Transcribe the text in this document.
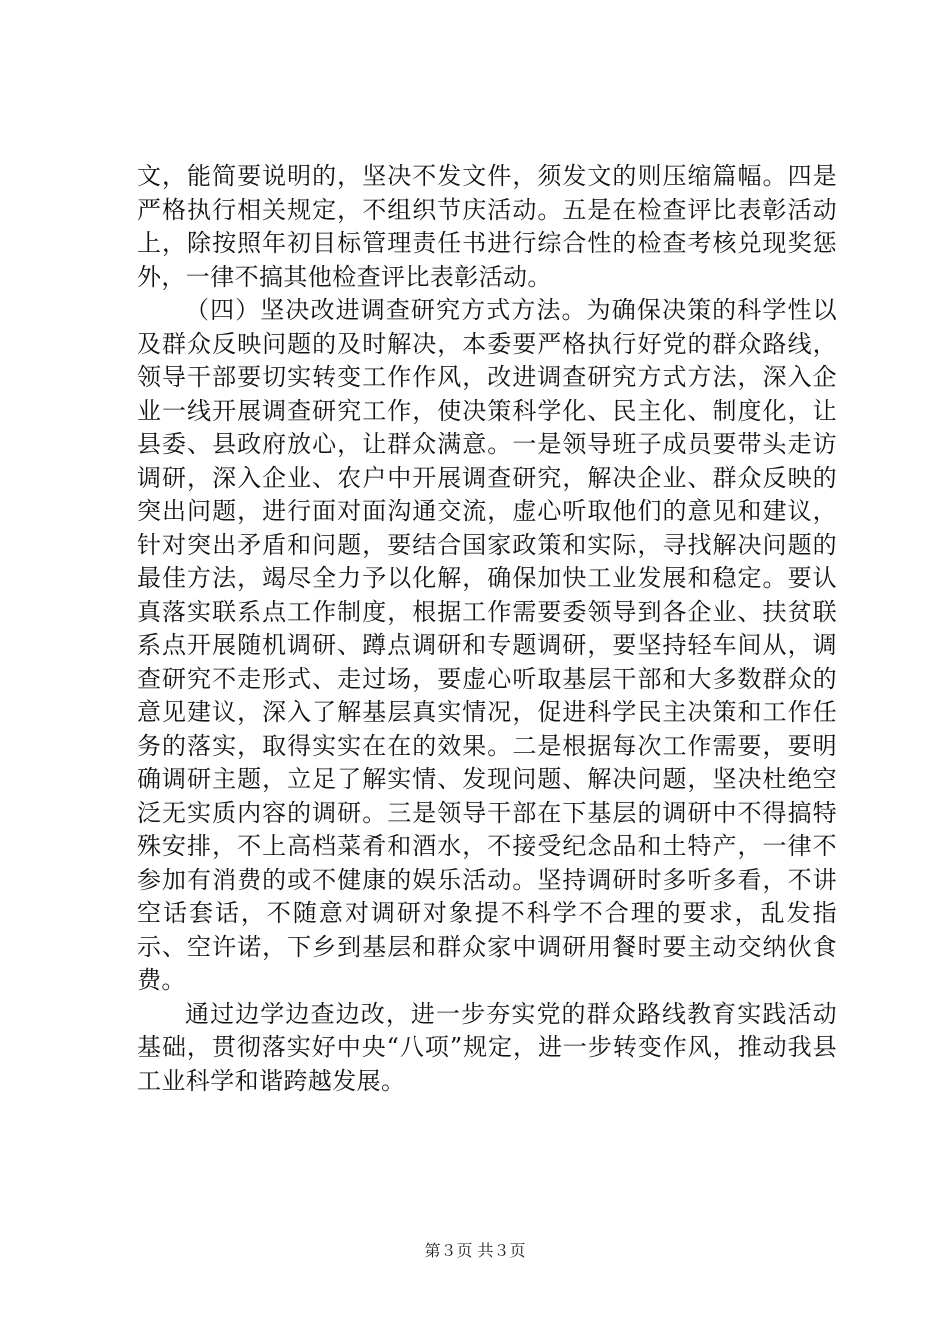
文，能简要说明的，坚决不发文件，须发文的则压缩篇幅。四是严格执行相关规定，不组织节庆活动。五是在检查评比表彰活动上，除按照年初目标管理责任书进行综合性的检查考核兑现奖惩外，一律不搞其他检查评比表彰活动。

（四）坚决改进调查研究方式方法。为确保决策的科学性以及群众反映问题的及时解决，本委要严格执行好党的群众路线，领导干部要切实转变工作作风，改进调查研究方式方法，深入企业一线开展调查研究工作，使决策科学化、民主化、制度化，让县委、县政府放心，让群众满意。一是领导班子成员要带头走访调研，深入企业、农户中开展调查研究，解决企业、群众反映的突出问题，进行面对面沟通交流，虚心听取他们的意见和建议，针对突出矛盾和问题，要结合国家政策和实际，寻找解决问题的最佳方法，竭尽全力予以化解，确保加快工业发展和稳定。要认真落实联系点工作制度，根据工作需要委领导到各企业、扶贫联系点开展随机调研、蹲点调研和专题调研，要坚持轻车间从，调查研究不走形式、走过场，要虚心听取基层干部和大多数群众的意见建议，深入了解基层真实情况，促进科学民主决策和工作任务的落实，取得实实在在的效果。二是根据每次工作需要，要明确调研主题，立足了解实情、发现问题、解决问题，坚决杜绝空泛无实质内容的调研。三是领导干部在下基层的调研中不得搞特殊安排，不上高档菜肴和酒水，不接受纪念品和土特产，一律不参加有消费的或不健康的娱乐活动。坚持调研时多听多看，不讲空话套话，不随意对调研对象提不科学不合理的要求，乱发指示、空许诺，下乡到基层和群众家中调研用餐时要主动交纳伙食费。

通过边学边查边改，进一步夯实党的群众路线教育实践活动基础，贯彻落实好中央“八项”规定，进一步转变作风，推动我县工业科学和谐跨越发展。

第３页 共３页
